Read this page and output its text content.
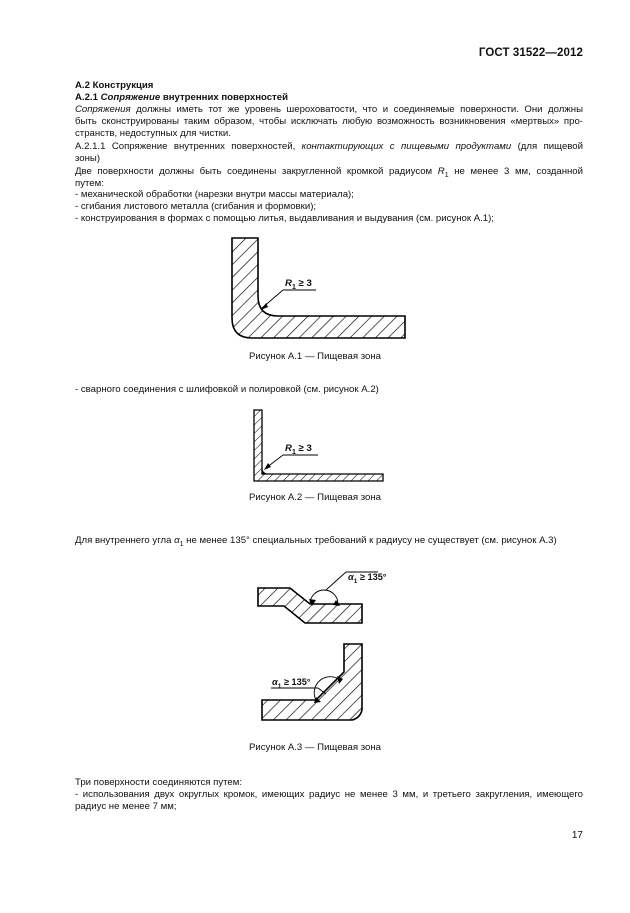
ГОСТ 31522—2012
А.2 Конструкция
А.2.1 Сопряжение внутренних поверхностей
Сопряжения должны иметь тот же уровень шероховатости, что и соединяемые поверхности. Они должны
быть сконструированы таким образом, чтобы исключать любую возможность возникновения «мертвых» про-
странств, недоступных для чистки.
А.2.1.1 Сопряжение внутренних поверхностей, контактирующих с пищевыми продуктами (для пищевой
зоны)
Две поверхности должны быть соединены закругленной кромкой радиусом $R_1$ не менее 3 мм, созданной
путем:
- механической обработки (нарезки внутри массы материала);
- сгибания листового металла (сгибания и формовки);
- конструирования в формах с помощью литья, выдавливания и выдувания (см. рисунок А.1);
$R_1 \ge 3$
Рисунок А.1 — Пищевая зона
- сварного соединения с шлифовкой и полировкой (см. рисунок А.2)
$R_1 \ge 3$
Рисунок А.2 — Пищевая зона
Для внутреннего угла $\alpha_1$ не менее 135° специальных требований к радиусу не существует (см. рисунок А.3)
$\alpha_1 \ge 135^\circ$
$\alpha_1 \ge 135^\circ$
Рисунок А.3 — Пищевая зона
Три поверхности соединяются путем:
- использования двух округлых кромок, имеющих радиус не менее 3 мм, и третьего закругления, имеющего
радиус не менее 7 мм;
17
